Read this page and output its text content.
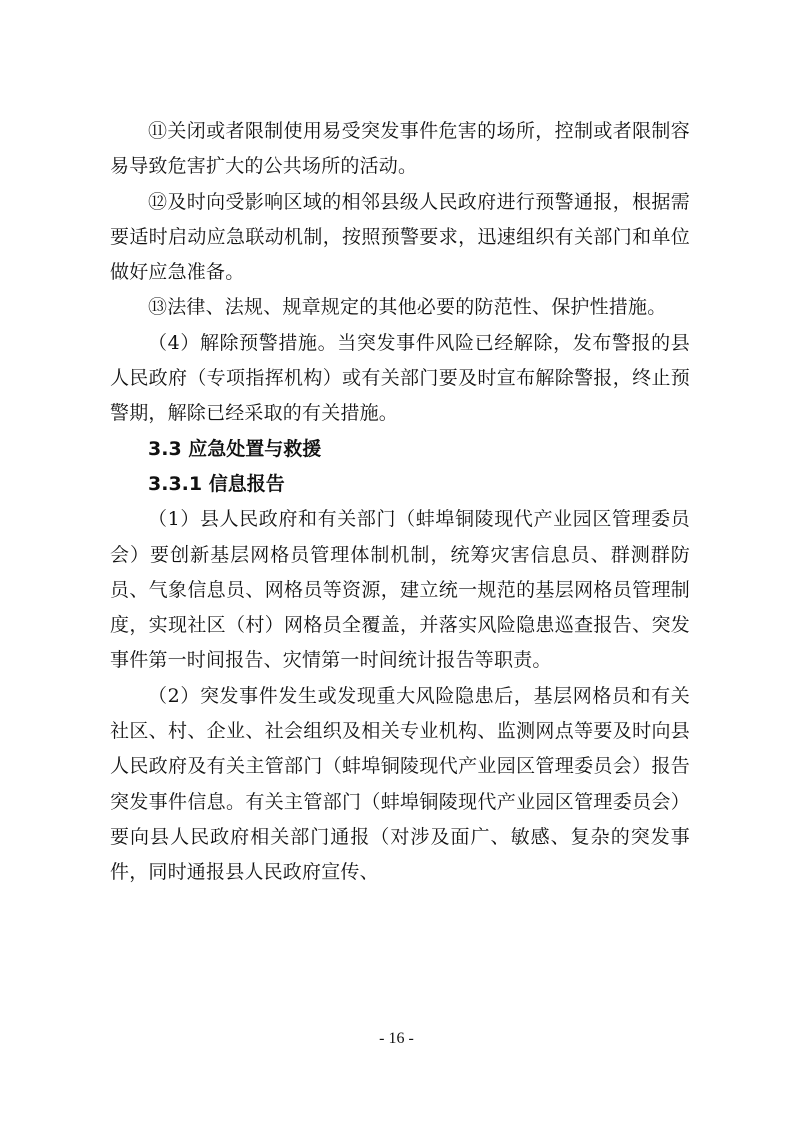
⑪关闭或者限制使用易受突发事件危害的场所，控制或者限制容易导致危害扩大的公共场所的活动。

⑫及时向受影响区域的相邻县级人民政府进行预警通报，根据需要适时启动应急联动机制，按照预警要求，迅速组织有关部门和单位做好应急准备。

⑬法律、法规、规章规定的其他必要的防范性、保护性措施。

（4）解除预警措施。当突发事件风险已经解除，发布警报的县人民政府（专项指挥机构）或有关部门要及时宣布解除警报，终止预警期，解除已经采取的有关措施。

3.3 应急处置与救援

3.3.1 信息报告

（1）县人民政府和有关部门（蚌埠铜陵现代产业园区管理委员会）要创新基层网格员管理体制机制，统筹灾害信息员、群测群防员、气象信息员、网格员等资源，建立统一规范的基层网格员管理制度，实现社区（村）网格员全覆盖，并落实风险隐患巡查报告、突发事件第一时间报告、灾情第一时间统计报告等职责。

（2）突发事件发生或发现重大风险隐患后，基层网格员和有关社区、村、企业、社会组织及相关专业机构、监测网点等要及时向县人民政府及有关主管部门（蚌埠铜陵现代产业园区管理委员会）报告突发事件信息。有关主管部门（蚌埠铜陵现代产业园区管理委员会）要向县人民政府相关部门通报（对涉及面广、敏感、复杂的突发事件，同时通报县人民政府宣传、

- 16 -
